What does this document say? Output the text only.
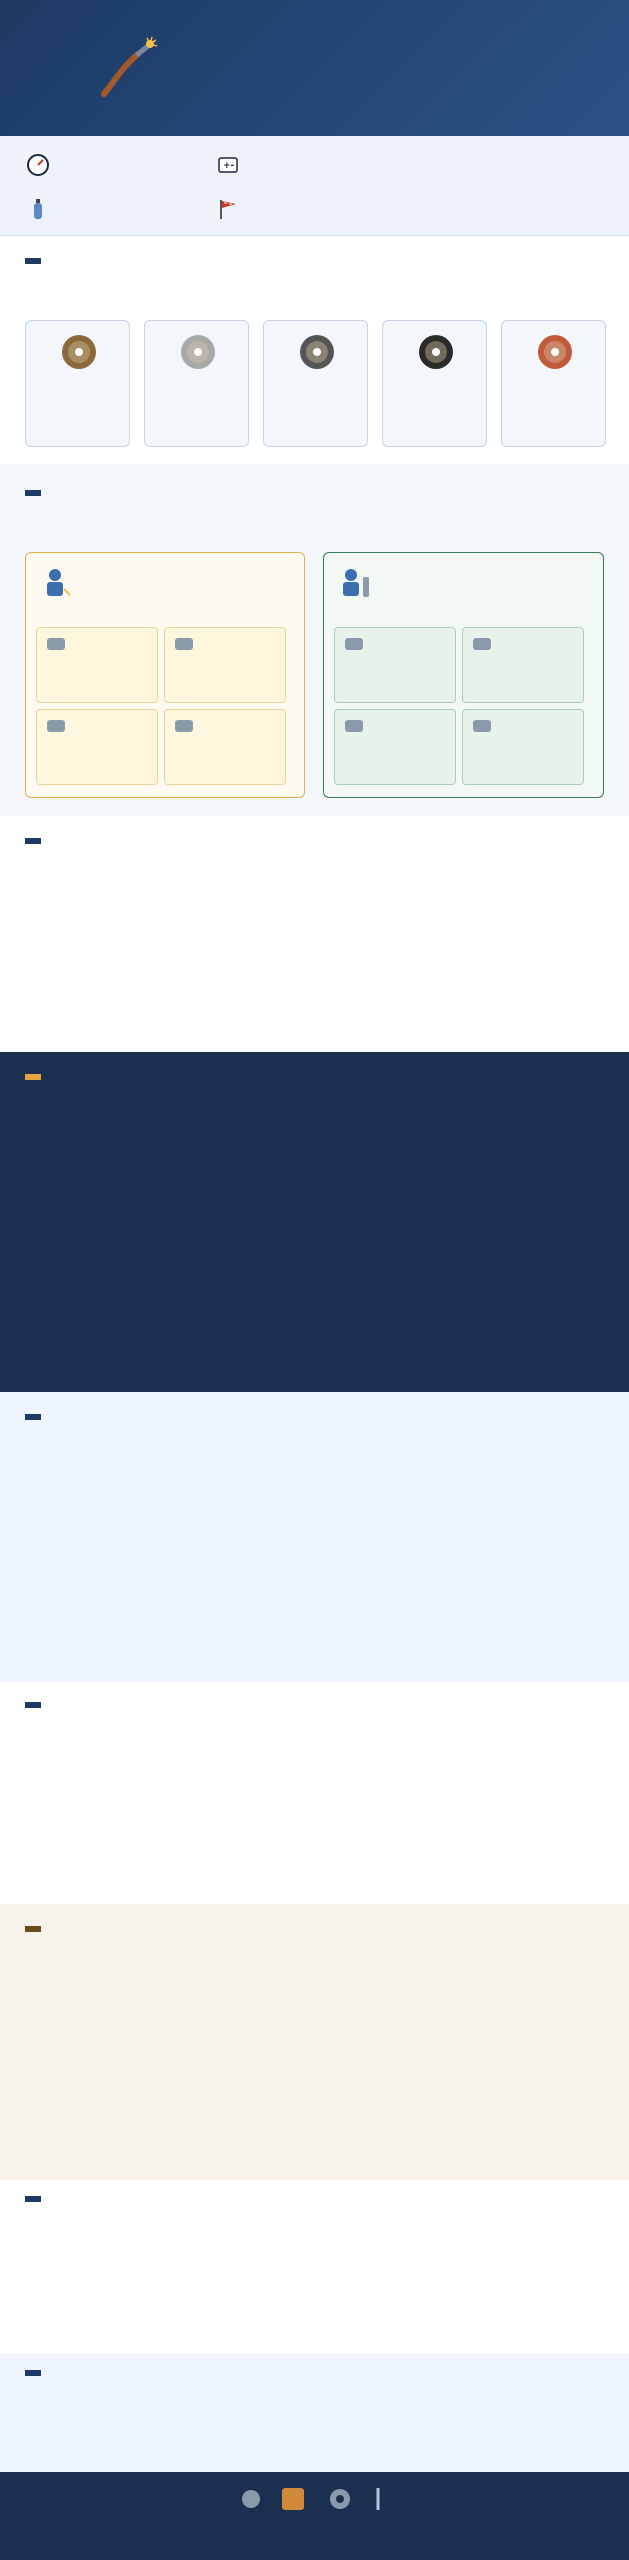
+-
